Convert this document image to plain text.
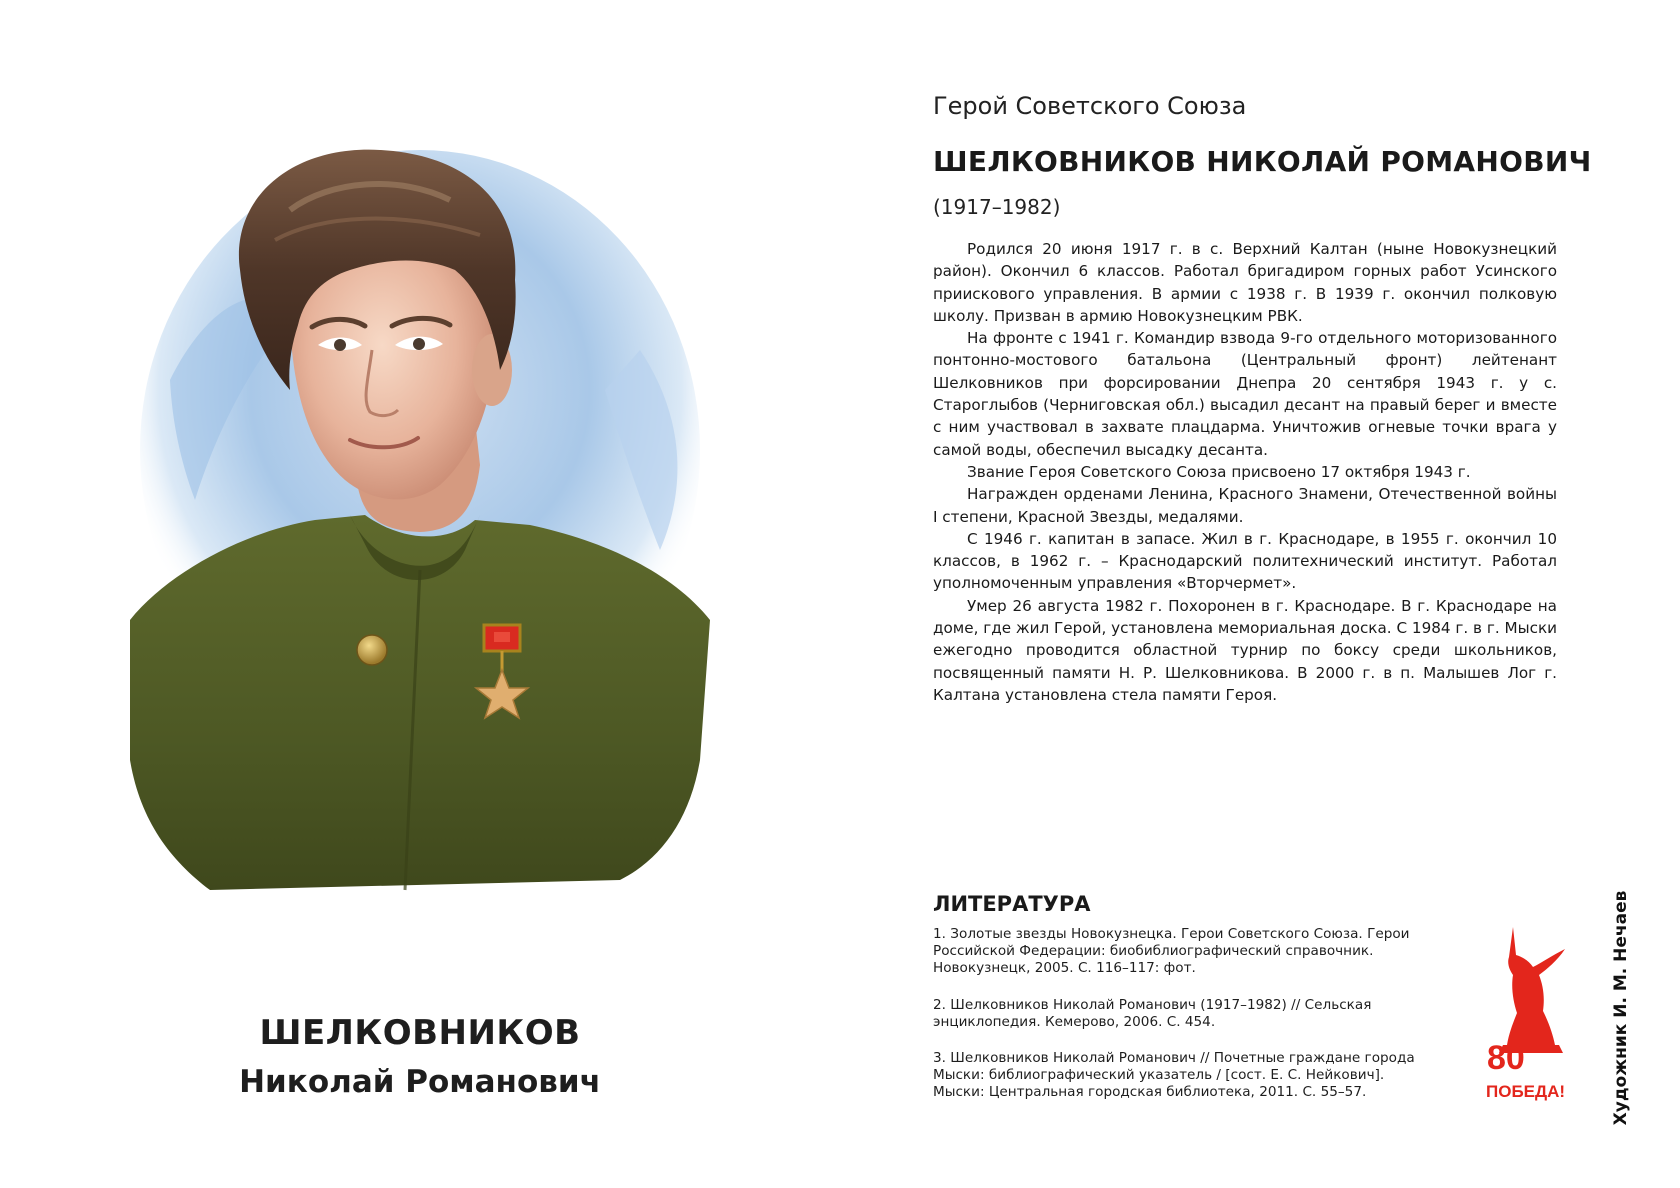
ШЕЛКОВНИКОВ
Николай Романович
Герой Советского Союза
ШЕЛКОВНИКОВ НИКОЛАЙ РОМАНОВИЧ
(1917–1982)

Родился 20 июня 1917 г. в с. Верхний Калтан (ныне Новокузнецкий район). Окончил 6 классов. Работал бригадиром горных работ Усинского приискового управления. В армии с 1938 г. В 1939 г. окончил полковую школу. Призван в армию Новокузнецким РВК.

На фронте с 1941 г. Командир взвода 9-го отдельного моторизованного понтонно-мостового батальона (Центральный фронт) лейтенант Шелковников при форсировании Днепра 20 сентября 1943 г. у с. Староглыбов (Черниговская обл.) высадил десант на правый берег и вместе с ним участвовал в захвате плацдарма. Уничтожив огневые точки врага у самой воды, обеспечил высадку десанта.

Звание Героя Советского Союза присвоено 17 октября 1943 г.

Награжден орденами Ленина, Красного Знамени, Отечественной войны I степени, Красной Звезды, медалями.

С 1946 г. капитан в запасе. Жил в г. Краснодаре, в 1955 г. окончил 10 классов, в 1962 г. – Краснодарский политехнический институт. Работал уполномоченным управления «Вторчермет».

Умер 26 августа 1982 г. Похоронен в г. Краснодаре. В г. Краснодаре на доме, где жил Герой, установлена мемориальная доска. С 1984 г. в г. Мыски ежегодно проводится областной турнир по боксу среди школьников, посвященный памяти Н. Р. Шелковникова. В 2000 г. в п. Малышев Лог г. Калтана установлена стела памяти Героя.

ЛИТЕРАТУРА

1. Золотые звезды Новокузнецка. Герои Советского Союза. Герои Российской Федерации: биобиблиографический справочник. Новокузнецк, 2005. С. 116–117: фот.

2. Шелковников Николай Романович (1917–1982) // Сельская энциклопедия. Кемерово, 2006. С. 454.

3. Шелковников Николай Романович // Почетные граждане города Мыски: библиографический указатель / [сост. Е. С. Нейкович]. Мыски: Центральная городская библиотека, 2011. С. 55–57.

80
ПОБЕДА!	Художник И. М. Нечаев
